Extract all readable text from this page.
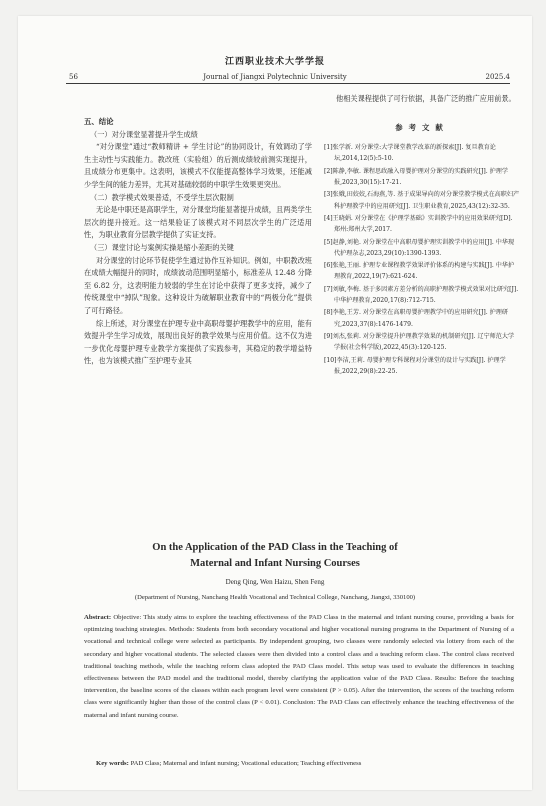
江西职业技术大学学报
56	Journal of Jiangxi Polytechnic University	2025.4

五、结论

（一）对分课堂显著提升学生成绩

“对分课堂”通过“教师精讲 + 学生讨论”的协同设计，有效调动了学生主动性与实践能力。教改班（实验组）的后测成绩较前测实现提升，且成绩分布更集中。这表明，该模式不仅能提高整体学习效果，还能减少学生间的能力差异，尤其对基础较弱的中职学生效果更突出。

（二）教学模式效果普适，不受学生层次限制

无论是中职还是高职学生，对分课堂均能显著提升成绩，且两类学生层次的提升接近。这一结果验证了该模式对不同层次学生的广泛适用性，为职业教育分层教学提供了实证支持。

（三）课堂讨论与案例实操是缩小差距的关键

对分课堂的讨论环节促使学生通过协作互补知识。例如，中职教改班在成绩大幅提升的同时，成绩波动范围明显缩小，标准差从 12.48 分降至 6.82 分，这表明能力较弱的学生在讨论中获得了更多支持，减少了传统课堂中“掉队”现象。这种设计为破解职业教育中的“两极分化”提供了可行路径。

综上所述，对分课堂在护理专业中高职母婴护理教学中的应用，能有效提升学生学习成效，展现出良好的教学效果与应用价值。这不仅为进一步优化母婴护理专业教学方案提供了实践参考，其稳定的教学增益特性，也为该模式推广至护理专业其

他相关课程提供了可行依据，具备广泛的推广应用前景。

参考文献

[1]张学新. 对分课堂:大学课堂教学改革的新探索[J]. 复旦教育论坛,2014,12(5):5-10.

[2]陈静,李敏. 课程思政融入母婴护理对分课堂的实践研究[J]. 护理学报,2023,30(15):17-21.

[3]张娥,田姣姣,石海燕,等. 基于成果导向的对分课堂教学模式在高职妇产科护理教学中的应用研究[J]. 卫生职业教育,2025,43(12):32-35.

[4]王晓娟. 对分课堂在《护理学基础》实训教学中的应用效果研究[D]. 郑州:郑州大学,2017.

[5]赵静,刘艳. 对分课堂在中高职母婴护理实训教学中的应用[J]. 中华现代护理杂志,2023,29(10):1390-1393.

[6]张艳,王丽. 护理专业课程教学效果评价体系的构建与实践[J]. 中华护理教育,2022,19(7):621-624.

[7]刘敏,李梅. 基于多因素方差分析的高职护理教学模式效果对比研究[J]. 中华护理教育,2020,17(8):712-715.

[8]李艳,王芳. 对分课堂在高职母婴护理教学中的应用研究[J]. 护理研究,2023,37(8):1476-1479.

[9]刘杰,张莉. 对分课堂提升护理教学效果的机制研究[J]. 辽宁师范大学学报(社会科学版),2022,45(3):120-125.

[10]李洁,王莉. 母婴护理专科课程对分课堂的设计与实践[J]. 护理学报,2022,29(8):22-25.

On the Application of the PAD Class in the Teaching of
Maternal and Infant Nursing Courses
Deng Qing, Wen Haizu, Shen Feng
(Department of Nursing, Nanchang Health Vocational and Technical College, Nanchang, Jiangxi, 330100)
Abstract: Objective: This study aims to explore the teaching effectiveness of the PAD Class in the maternal and infant nursing course, providing a basis for optimizing teaching strategies. Methods: Students from both secondary vocational and higher vocational nursing programs in the Department of Nursing of a vocational and technical college were selected as participants. By independent grouping, two classes were randomly selected via lottery from each of the secondary and higher vocational students. The selected classes were then divided into a control class and a teaching reform class. The control class received traditional teaching methods, while the teaching reform class adopted the PAD Class model. This setup was used to evaluate the differences in teaching effectiveness between the PAD model and the traditional model, thereby clarifying the application value of the PAD Class. Results: Before the teaching intervention, the baseline scores of the classes within each program level were consistent (P > 0.05). After the intervention, the scores of the teaching reform class were significantly higher than those of the control class (P < 0.01). Conclusion: The PAD Class can effectively enhance the teaching effectiveness of the maternal and infant nursing course.
Key words: PAD Class; Maternal and infant nursing; Vocational education; Teaching effectiveness
